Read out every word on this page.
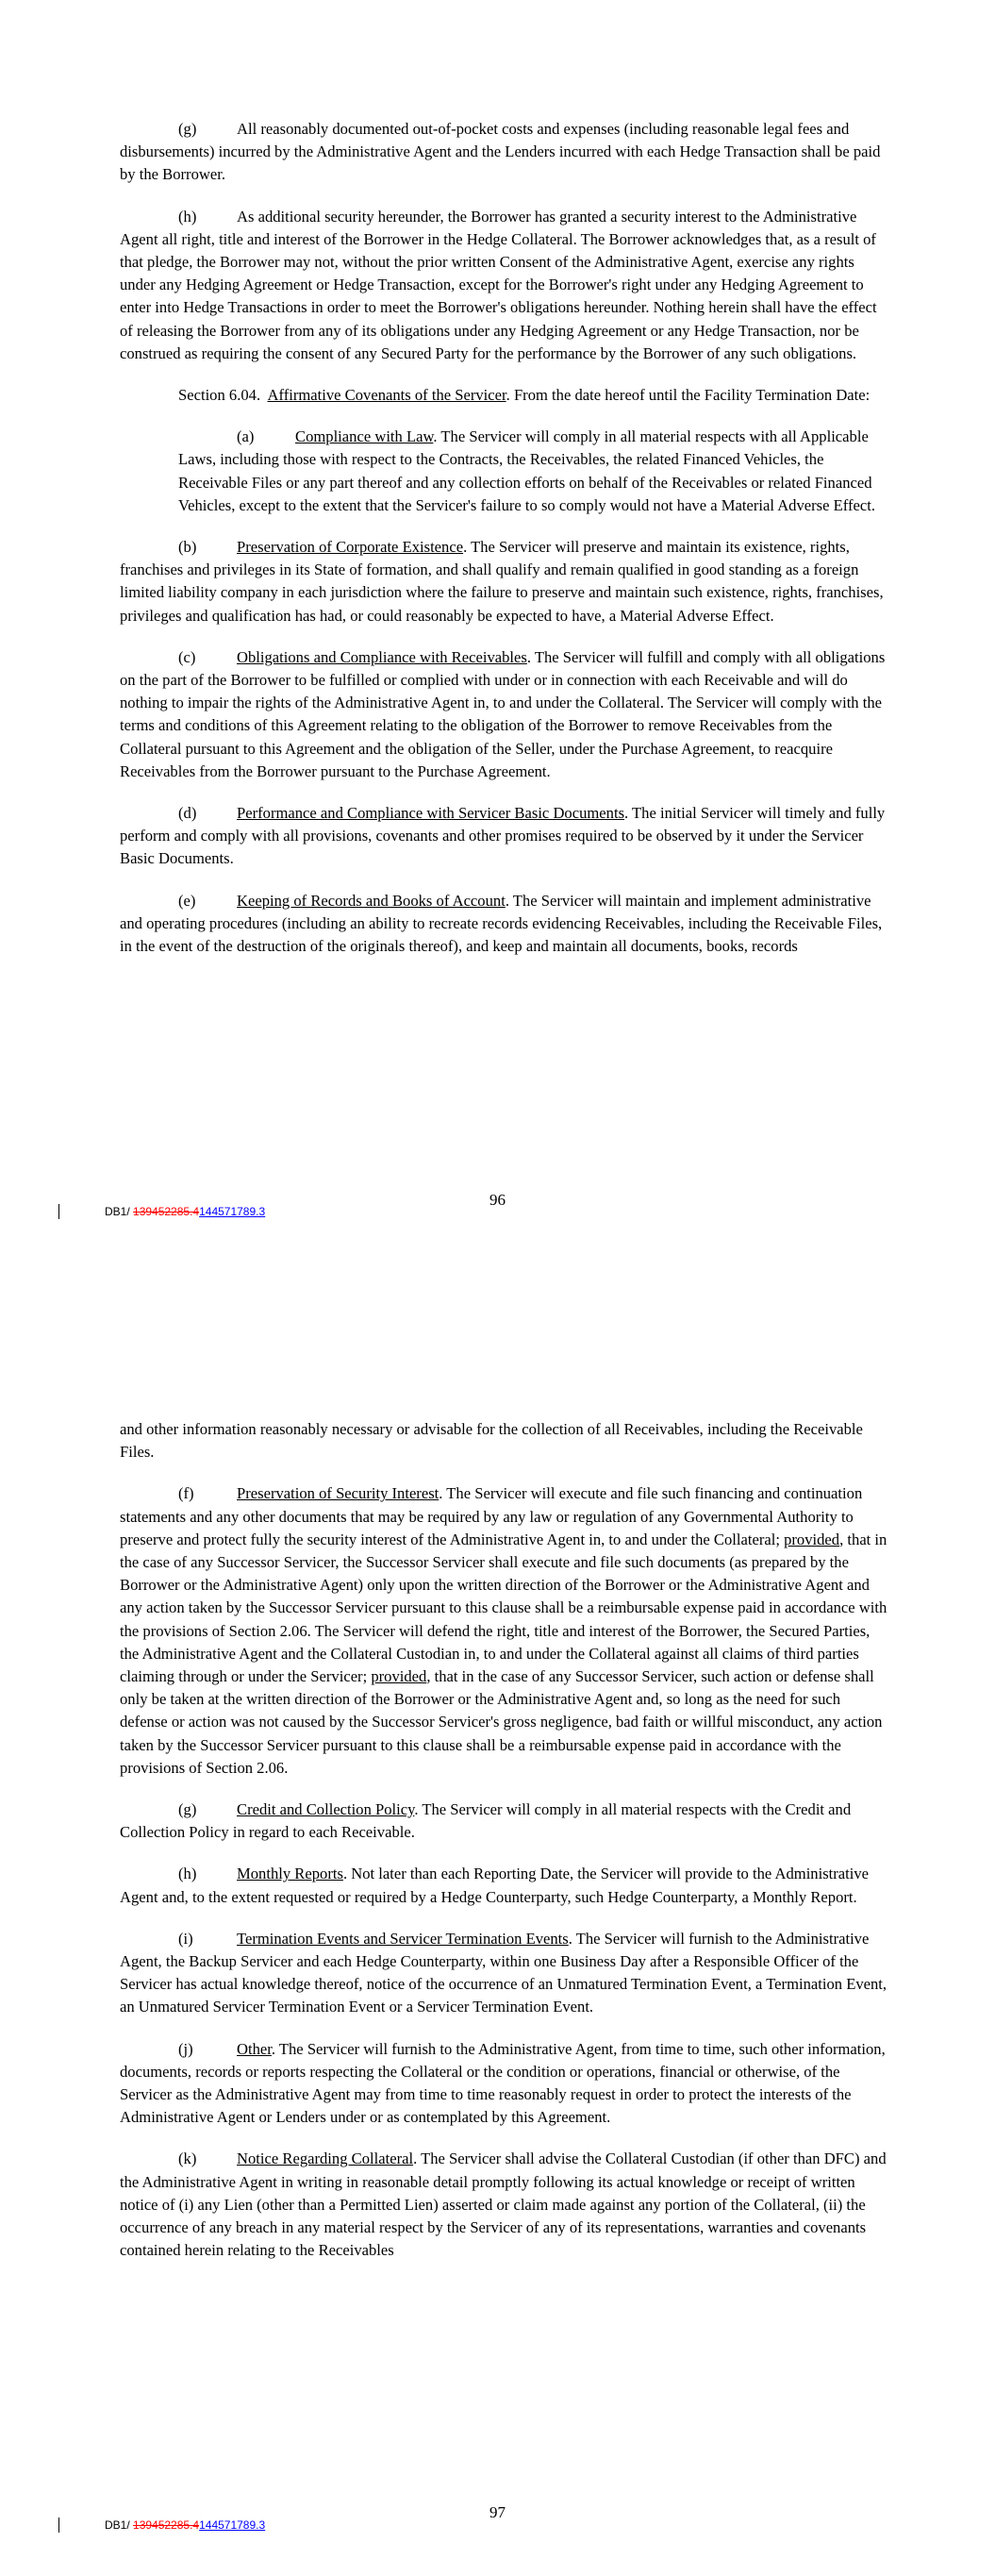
(g)	All reasonably documented out-of-pocket costs and expenses (including reasonable legal fees and disbursements) incurred by the Administrative Agent and the Lenders incurred with each Hedge Transaction shall be paid by the Borrower.

(h)	As additional security hereunder, the Borrower has granted a security interest to the Administrative Agent all right, title and interest of the Borrower in the Hedge Collateral. The Borrower acknowledges that, as a result of that pledge, the Borrower may not, without the prior written Consent of the Administrative Agent, exercise any rights under any Hedging Agreement or Hedge Transaction, except for the Borrower's right under any Hedging Agreement to enter into Hedge Transactions in order to meet the Borrower's obligations hereunder. Nothing herein shall have the effect of releasing the Borrower from any of its obligations under any Hedging Agreement or any Hedge Transaction, nor be construed as requiring the consent of any Secured Party for the performance by the Borrower of any such obligations.

Section 6.04. Affirmative Covenants of the Servicer. From the date hereof until the Facility Termination Date:

(a)	Compliance with Law. The Servicer will comply in all material respects with all Applicable Laws, including those with respect to the Contracts, the Receivables, the related Financed Vehicles, the Receivable Files or any part thereof and any collection efforts on behalf of the Receivables or related Financed Vehicles, except to the extent that the Servicer's failure to so comply would not have a Material Adverse Effect.

(b)	Preservation of Corporate Existence. The Servicer will preserve and maintain its existence, rights, franchises and privileges in its State of formation, and shall qualify and remain qualified in good standing as a foreign limited liability company in each jurisdiction where the failure to preserve and maintain such existence, rights, franchises, privileges and qualification has had, or could reasonably be expected to have, a Material Adverse Effect.

(c)	Obligations and Compliance with Receivables. The Servicer will fulfill and comply with all obligations on the part of the Borrower to be fulfilled or complied with under or in connection with each Receivable and will do nothing to impair the rights of the Administrative Agent in, to and under the Collateral. The Servicer will comply with the terms and conditions of this Agreement relating to the obligation of the Borrower to remove Receivables from the Collateral pursuant to this Agreement and the obligation of the Seller, under the Purchase Agreement, to reacquire Receivables from the Borrower pursuant to the Purchase Agreement.

(d)	Performance and Compliance with Servicer Basic Documents. The initial Servicer will timely and fully perform and comply with all provisions, covenants and other promises required to be observed by it under the Servicer Basic Documents.

(e)	Keeping of Records and Books of Account. The Servicer will maintain and implement administrative and operating procedures (including an ability to recreate records evidencing Receivables, including the Receivable Files, in the event of the destruction of the originals thereof), and keep and maintain all documents, books, records

96
DB1/ 139452285.4 144571789.3

and other information reasonably necessary or advisable for the collection of all Receivables, including the Receivable Files.

(f)	Preservation of Security Interest. The Servicer will execute and file such financing and continuation statements and any other documents that may be required by any law or regulation of any Governmental Authority to preserve and protect fully the security interest of the Administrative Agent in, to and under the Collateral; provided, that in the case of any Successor Servicer, the Successor Servicer shall execute and file such documents (as prepared by the Borrower or the Administrative Agent) only upon the written direction of the Borrower or the Administrative Agent and any action taken by the Successor Servicer pursuant to this clause shall be a reimbursable expense paid in accordance with the provisions of Section 2.06. The Servicer will defend the right, title and interest of the Borrower, the Secured Parties, the Administrative Agent and the Collateral Custodian in, to and under the Collateral against all claims of third parties claiming through or under the Servicer; provided, that in the case of any Successor Servicer, such action or defense shall only be taken at the written direction of the Borrower or the Administrative Agent and, so long as the need for such defense or action was not caused by the Successor Servicer's gross negligence, bad faith or willful misconduct, any action taken by the Successor Servicer pursuant to this clause shall be a reimbursable expense paid in accordance with the provisions of Section 2.06.

(g)	Credit and Collection Policy. The Servicer will comply in all material respects with the Credit and Collection Policy in regard to each Receivable.

(h)	Monthly Reports. Not later than each Reporting Date, the Servicer will provide to the Administrative Agent and, to the extent requested or required by a Hedge Counterparty, such Hedge Counterparty, a Monthly Report.

(i)	Termination Events and Servicer Termination Events. The Servicer will furnish to the Administrative Agent, the Backup Servicer and each Hedge Counterparty, within one Business Day after a Responsible Officer of the Servicer has actual knowledge thereof, notice of the occurrence of an Unmatured Termination Event, a Termination Event, an Unmatured Servicer Termination Event or a Servicer Termination Event.

(j)	Other. The Servicer will furnish to the Administrative Agent, from time to time, such other information, documents, records or reports respecting the Collateral or the condition or operations, financial or otherwise, of the Servicer as the Administrative Agent may from time to time reasonably request in order to protect the interests of the Administrative Agent or Lenders under or as contemplated by this Agreement.

(k)	Notice Regarding Collateral. The Servicer shall advise the Collateral Custodian (if other than DFC) and the Administrative Agent in writing in reasonable detail promptly following its actual knowledge or receipt of written notice of (i) any Lien (other than a Permitted Lien) asserted or claim made against any portion of the Collateral, (ii) the occurrence of any breach in any material respect by the Servicer of any of its representations, warranties and covenants contained herein relating to the Receivables

97
DB1/ 139452285.4 144571789.3
